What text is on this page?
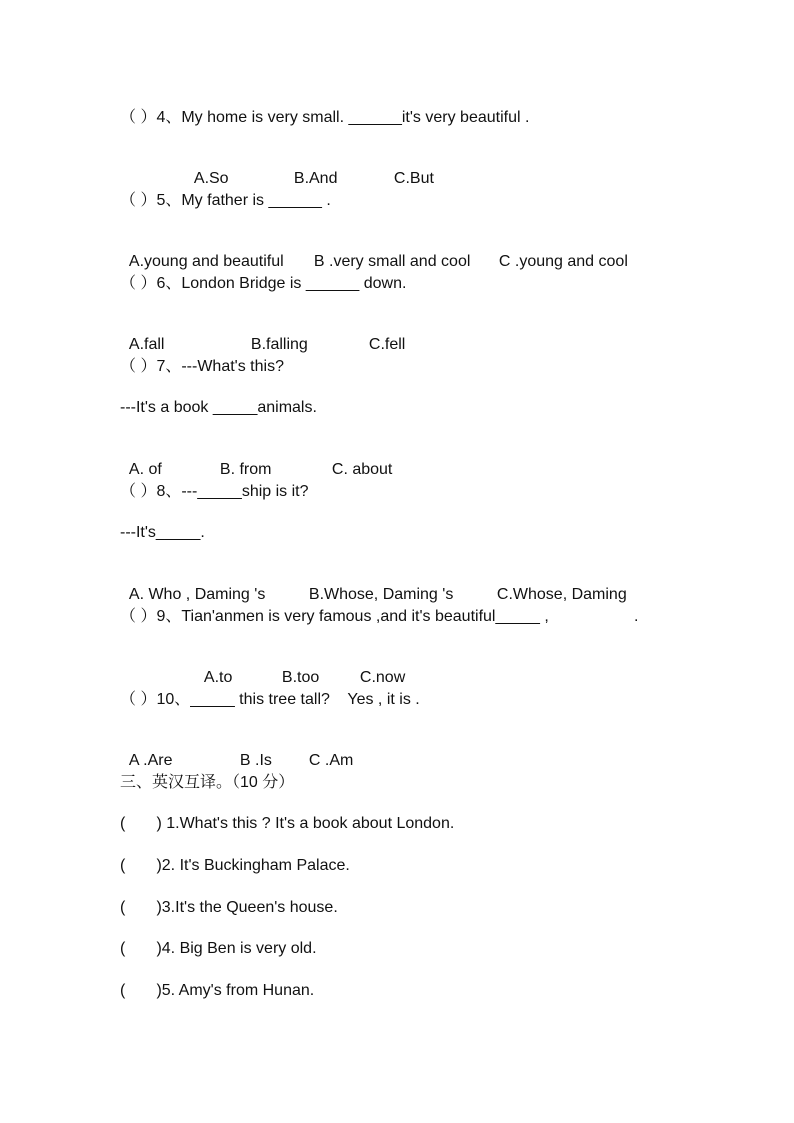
（ ）4、My home is very small. ______it's very beautiful .

A.So	B.And	C.But

（ ）5、My father is ______ .

A.young and beautiful B .very small and cool C .young and cool

（ ）6、London Bridge is ______ down.

A.fall	B.falling	C.fell

（ ）7、---What's this?
---It's a book _____animals.

A. of	B. from	C. about

（ ）8、---_____ship is it?
---It's_____.

A. Who , Daming 's	B.Whose, Daming 's	C.Whose, Daming

（ ）9、Tian'anmen is very famous ,and it's beautiful_____ ,	.

A.to	B.too	C.now

（ ）10、_____ this tree tall?    Yes , it is .

A .Are	B .Is C .Am

三、英汉互译。（10 分）
(       ) 1.What's this ? It's a book about London.
(       )2. It's Buckingham Palace.
(       )3.It's the Queen's house.
(       )4. Big Ben is very old.
(       )5. Amy's from Hunan.
